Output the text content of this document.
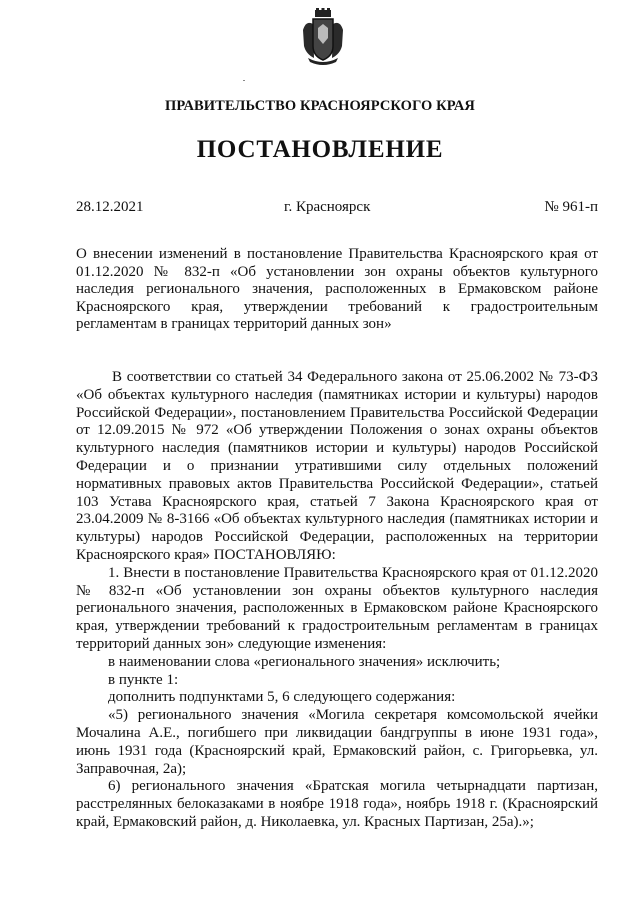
ПРАВИТЕЛЬСТВО КРАСНОЯРСКОГО КРАЯ
ПОСТАНОВЛЕНИЕ
28.12.2021	г. Красноярск	№ 961-п
О внесении изменений в постановление Правительства Красноярского края от 01.12.2020 № 832-п «Об установлении зон охраны объектов культурного наследия регионального значения, расположенных в Ермаковском районе Красноярского края, утверждении требований к градостроительным регламентам в границах территорий данных зон»

В соответствии со статьей 34 Федерального закона от 25.06.2002 № 73-ФЗ «Об объектах культурного наследия (памятниках истории и культуры) народов Российской Федерации», постановлением Правительства Российской Федерации от 12.09.2015 № 972 «Об утверждении Положения о зонах охраны объектов культурного наследия (памятников истории и культуры) народов Российской Федерации и о признании утратившими силу отдельных положений нормативных правовых актов Правительства Российской Федерации», статьей 103 Устава Красноярского края, статьей 7 Закона Красноярского края от 23.04.2009 № 8-3166 «Об объектах культурного наследия (памятниках истории и культуры) народов Российской Федерации, расположенных на территории Красноярского края» ПОСТАНОВЛЯЮ:

1. Внести в постановление Правительства Красноярского края от 01.12.2020 № 832-п «Об установлении зон охраны объектов культурного наследия регионального значения, расположенных в Ермаковском районе Красноярского края, утверждении требований к градостроительным регламентам в границах территорий данных зон» следующие изменения:

в наименовании слова «регионального значения» исключить;

в пункте 1:

дополнить подпунктами 5, 6 следующего содержания:

«5) регионального значения «Могила секретаря комсомольской ячейки Мочалина А.Е., погибшего при ликвидации бандгруппы в июне 1931 года», июнь 1931 года (Красноярский край, Ермаковский район, с. Григорьевка, ул. Заправочная, 2а);

6) регионального значения «Братская могила четырнадцати партизан, расстрелянных белоказаками в ноябре 1918 года», ноябрь 1918 г. (Красноярский край, Ермаковский район, д. Николаевка, ул. Красных Партизан, 25а).»;
